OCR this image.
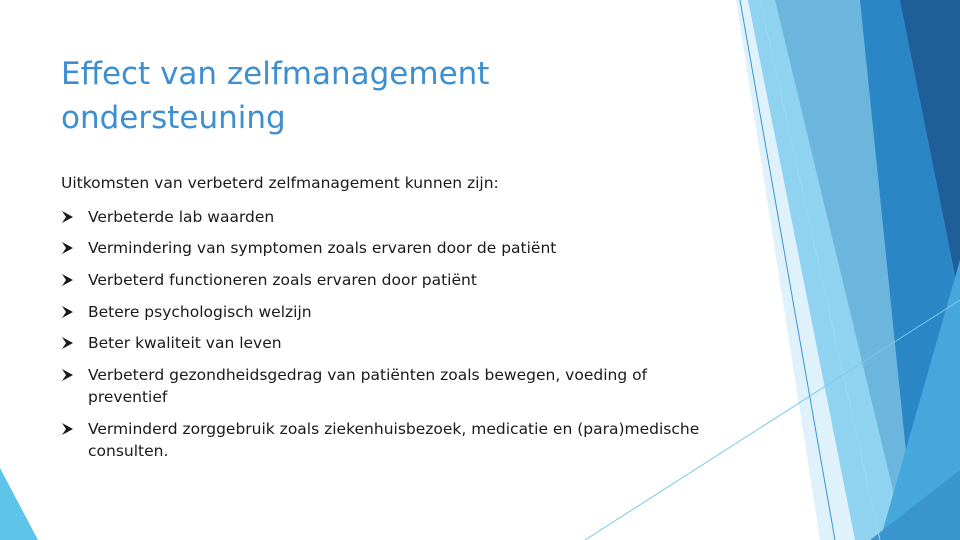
Effect van zelfmanagement
ondersteuning

Uitkomsten van verbeterd zelfmanagement kunnen zijn:

Verbeterde lab waarden
Vermindering van symptomen zoals ervaren door de patiënt
Verbeterd functioneren zoals ervaren door patiënt
Betere psychologisch welzijn
Beter kwaliteit van leven
Verbeterd gezondheidsgedrag van patiënten zoals bewegen, voeding of preventief
Verminderd zorggebruik zoals ziekenhuisbezoek, medicatie en (para)medische consulten.
